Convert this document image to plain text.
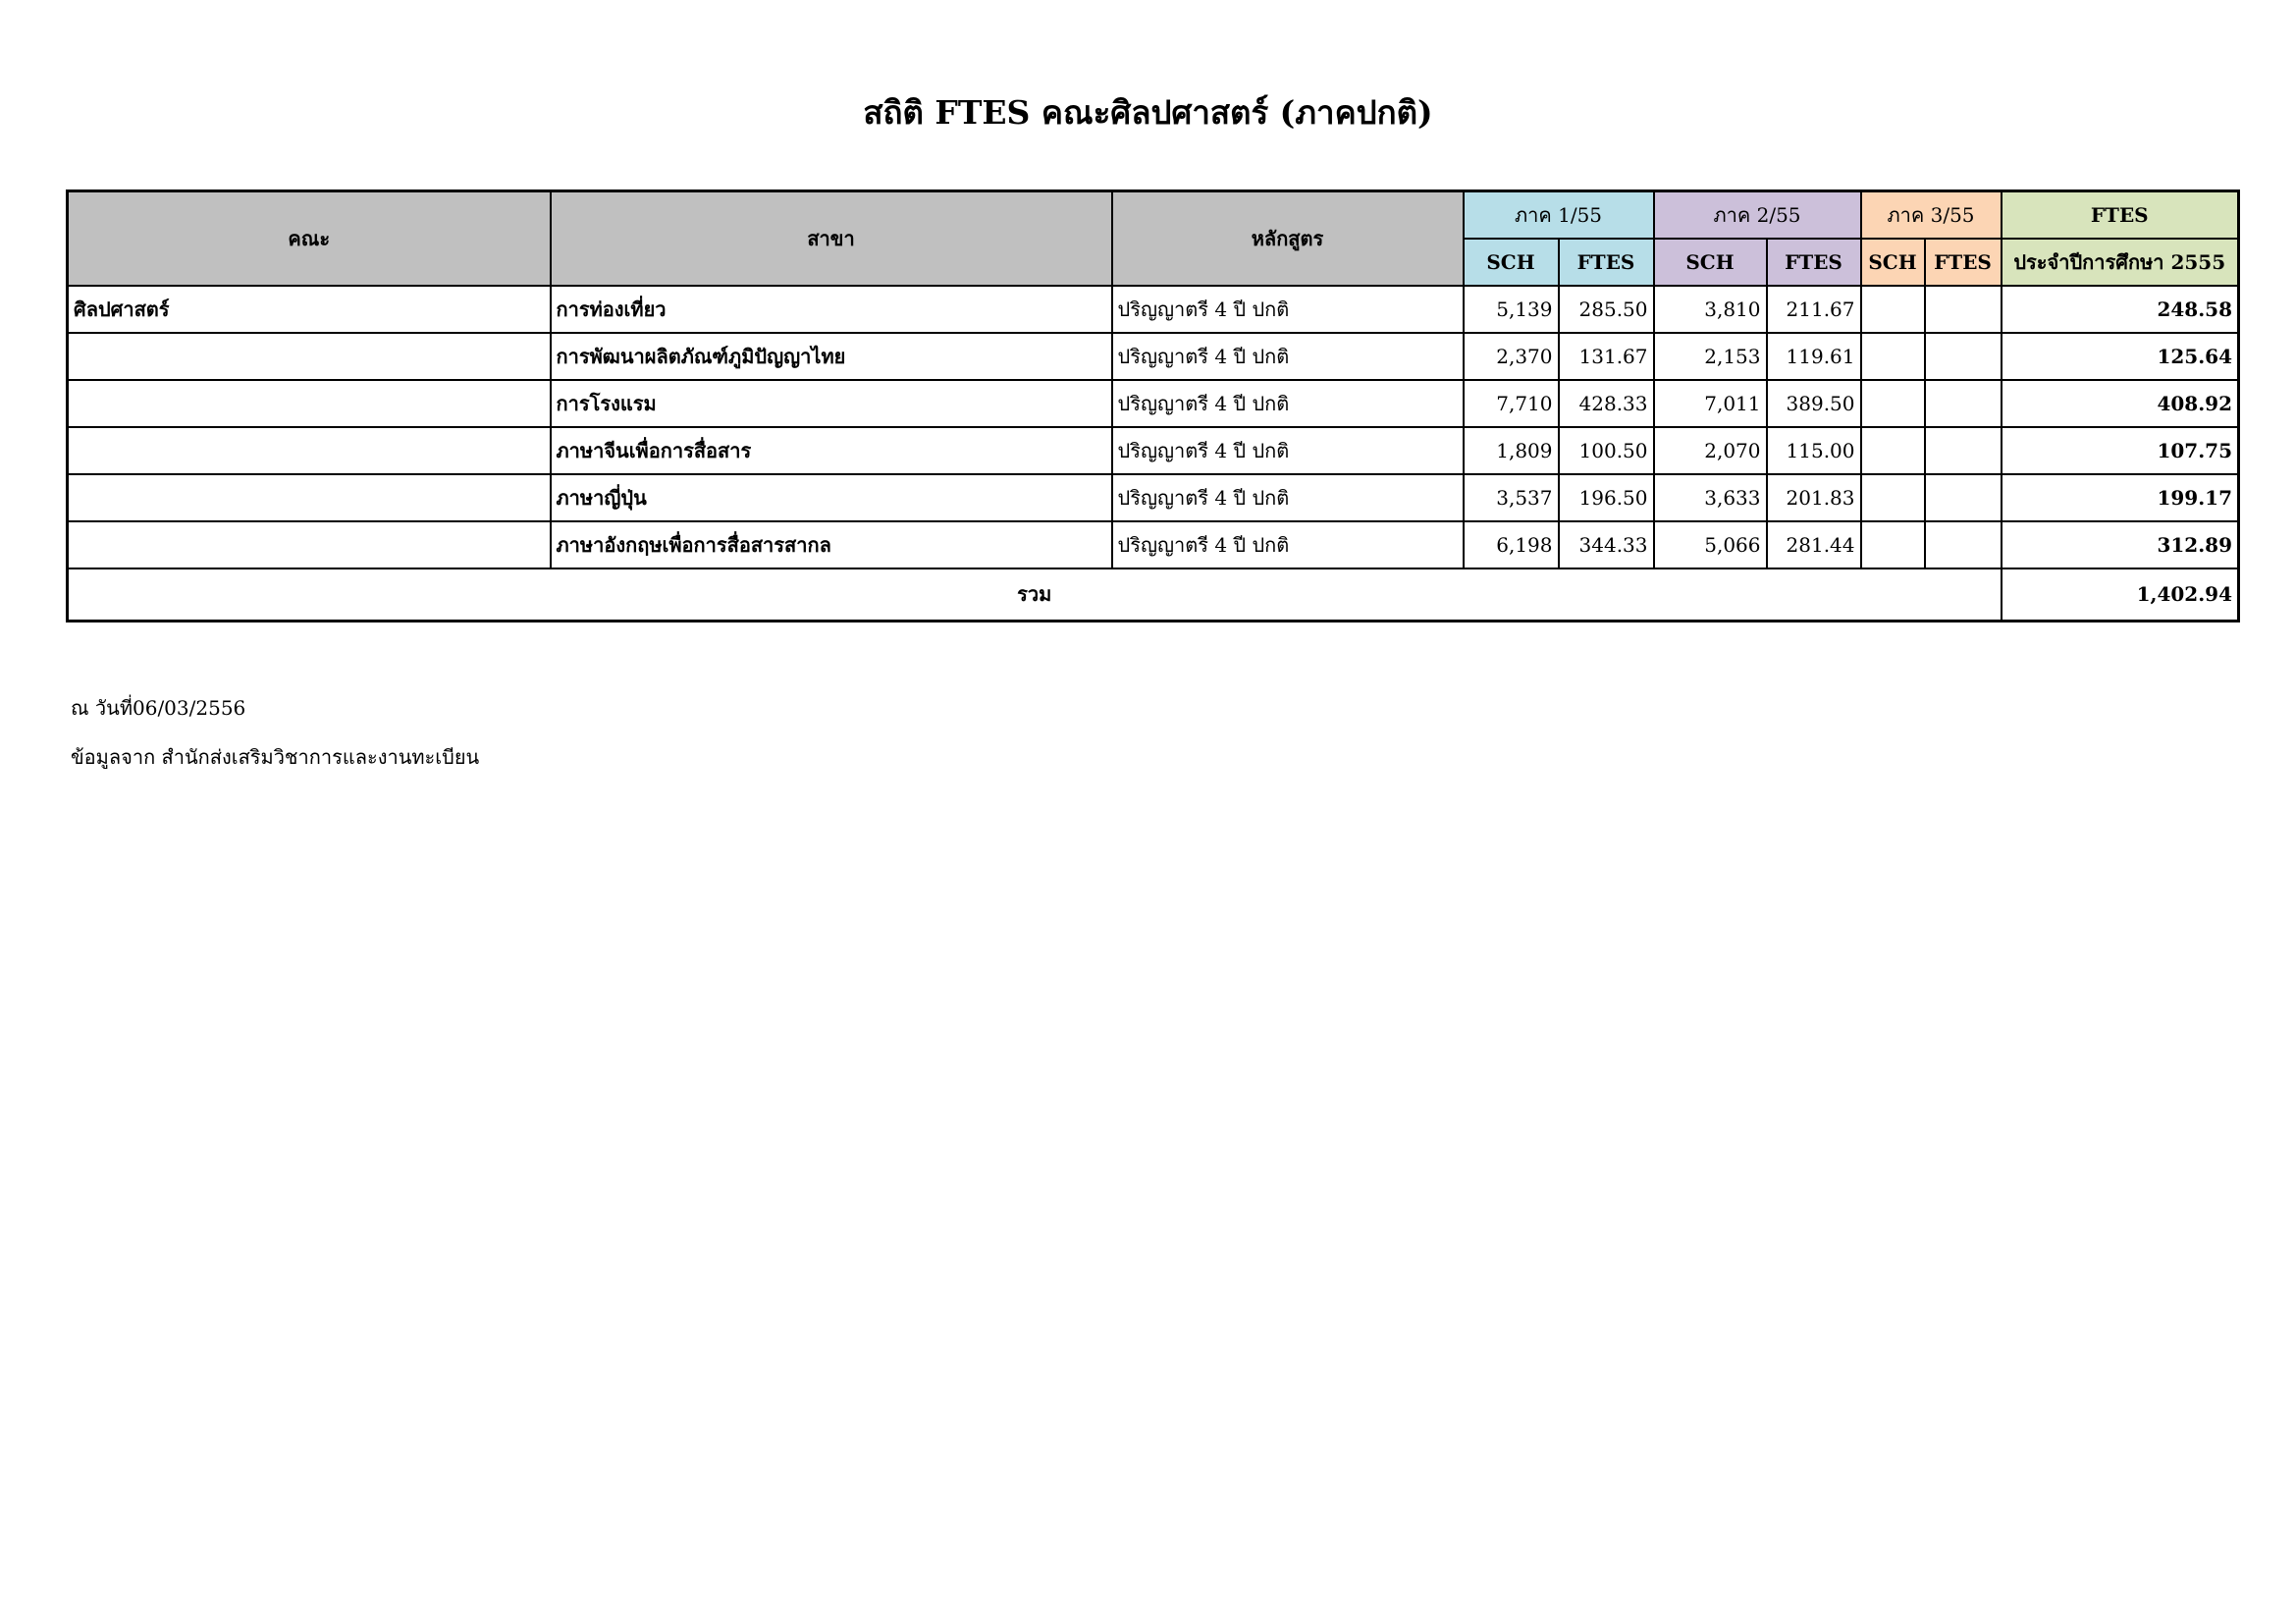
สถิติ FTES คณะศิลปศาสตร์ (ภาคปกติ)
คณะ	สาขา	หลักสูตร	ภาค 1/55		ภาค 2/55		ภาค 3/55		FTES
			SCH	FTES	SCH	FTES	SCH	FTES	ประจำปีการศึกษา 2555
ศิลปศาสตร์	การท่องเที่ยว	ปริญญาตรี 4 ปี ปกติ	5,139	285.50	3,810	211.67			248.58
	การพัฒนาผลิตภัณฑ์ภูมิปัญญาไทย	ปริญญาตรี 4 ปี ปกติ	2,370	131.67	2,153	119.61			125.64
	การโรงแรม	ปริญญาตรี 4 ปี ปกติ	7,710	428.33	7,011	389.50			408.92
	ภาษาจีนเพื่อการสื่อสาร	ปริญญาตรี 4 ปี ปกติ	1,809	100.50	2,070	115.00			107.75
	ภาษาญี่ปุ่น	ปริญญาตรี 4 ปี ปกติ	3,537	196.50	3,633	201.83			199.17
	ภาษาอังกฤษเพื่อการสื่อสารสากล	ปริญญาตรี 4 ปี ปกติ	6,198	344.33	5,066	281.44			312.89
รวม									1,402.94
ณ วันที่06/03/2556
ข้อมูลจาก สำนักส่งเสริมวิชาการและงานทะเบียน
